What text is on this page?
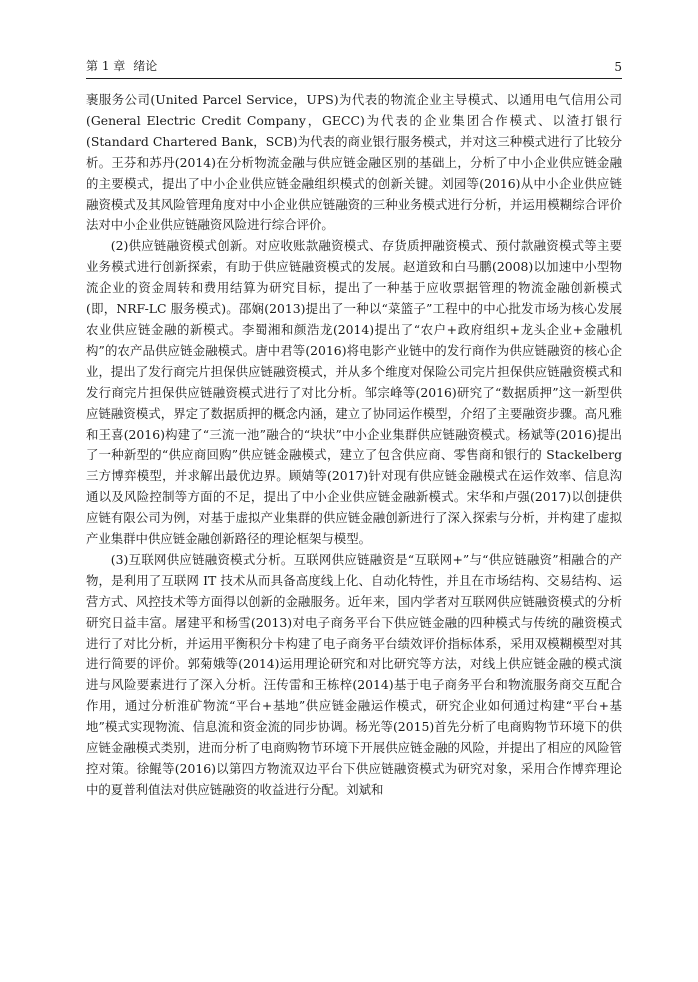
第 1 章 绪论	5

裹服务公司(United Parcel Service，UPS)为代表的物流企业主导模式、以通用电气信用公司(General Electric Credit Company，GECC)为代表的企业集团合作模式、以渣打银行(Standard Chartered Bank，SCB)为代表的商业银行服务模式，并对这三种模式进行了比较分析。王芬和苏丹(2014)在分析物流金融与供应链金融区别的基础上，分析了中小企业供应链金融的主要模式，提出了中小企业供应链金融组织模式的创新关键。刘园等(2016)从中小企业供应链融资模式及其风险管理角度对中小企业供应链融资的三种业务模式进行分析，并运用模糊综合评价法对中小企业供应链融资风险进行综合评价。

(2)供应链融资模式创新。对应收账款融资模式、存货质押融资模式、预付款融资模式等主要业务模式进行创新探索，有助于供应链融资模式的发展。赵道致和白马鹏(2008)以加速中小型物流企业的资金周转和费用结算为研究目标，提出了一种基于应收票据管理的物流金融创新模式(即，NRF-LC 服务模式)。邵娴(2013)提出了一种以“菜篮子”工程中的中心批发市场为核心发展农业供应链金融的新模式。李蜀湘和颜浩龙(2014)提出了“农户+政府组织+龙头企业+金融机构”的农产品供应链金融模式。唐中君等(2016)将电影产业链中的发行商作为供应链融资的核心企业，提出了发行商完片担保供应链融资模式，并从多个维度对保险公司完片担保供应链融资模式和发行商完片担保供应链融资模式进行了对比分析。邹宗峰等(2016)研究了“数据质押”这一新型供应链融资模式，界定了数据质押的概念内涵，建立了协同运作模型，介绍了主要融资步骤。高凡雅和王喜(2016)构建了“三流一池”融合的“块状”中小企业集群供应链融资模式。杨斌等(2016)提出了一种新型的“供应商回购”供应链金融模式，建立了包含供应商、零售商和银行的 Stackelberg 三方博弈模型，并求解出最优边界。顾婧等(2017)针对现有供应链金融模式在运作效率、信息沟通以及风险控制等方面的不足，提出了中小企业供应链金融新模式。宋华和卢强(2017)以创捷供应链有限公司为例，对基于虚拟产业集群的供应链金融创新进行了深入探索与分析，并构建了虚拟产业集群中供应链金融创新路径的理论框架与模型。

(3)互联网供应链融资模式分析。互联网供应链融资是“互联网+”与“供应链融资”相融合的产物，是利用了互联网 IT 技术从而具备高度线上化、自动化特性，并且在市场结构、交易结构、运营方式、风控技术等方面得以创新的金融服务。近年来，国内学者对互联网供应链融资模式的分析研究日益丰富。屠建平和杨雪(2013)对电子商务平台下供应链金融的四种模式与传统的融资模式进行了对比分析，并运用平衡积分卡构建了电子商务平台绩效评价指标体系，采用双模糊模型对其进行简要的评价。郭菊娥等(2014)运用理论研究和对比研究等方法，对线上供应链金融的模式演进与风险要素进行了深入分析。汪传雷和王栋梓(2014)基于电子商务平台和物流服务商交互配合作用，通过分析淮矿物流“平台+基地”供应链金融运作模式，研究企业如何通过构建“平台+基地”模式实现物流、信息流和资金流的同步协调。杨光等(2015)首先分析了电商购物节环境下的供应链金融模式类别，进而分析了电商购物节环境下开展供应链金融的风险，并提出了相应的风险管控对策。徐鲲等(2016)以第四方物流双边平台下供应链融资模式为研究对象，采用合作博弈理论中的夏普利值法对供应链融资的收益进行分配。刘斌和
